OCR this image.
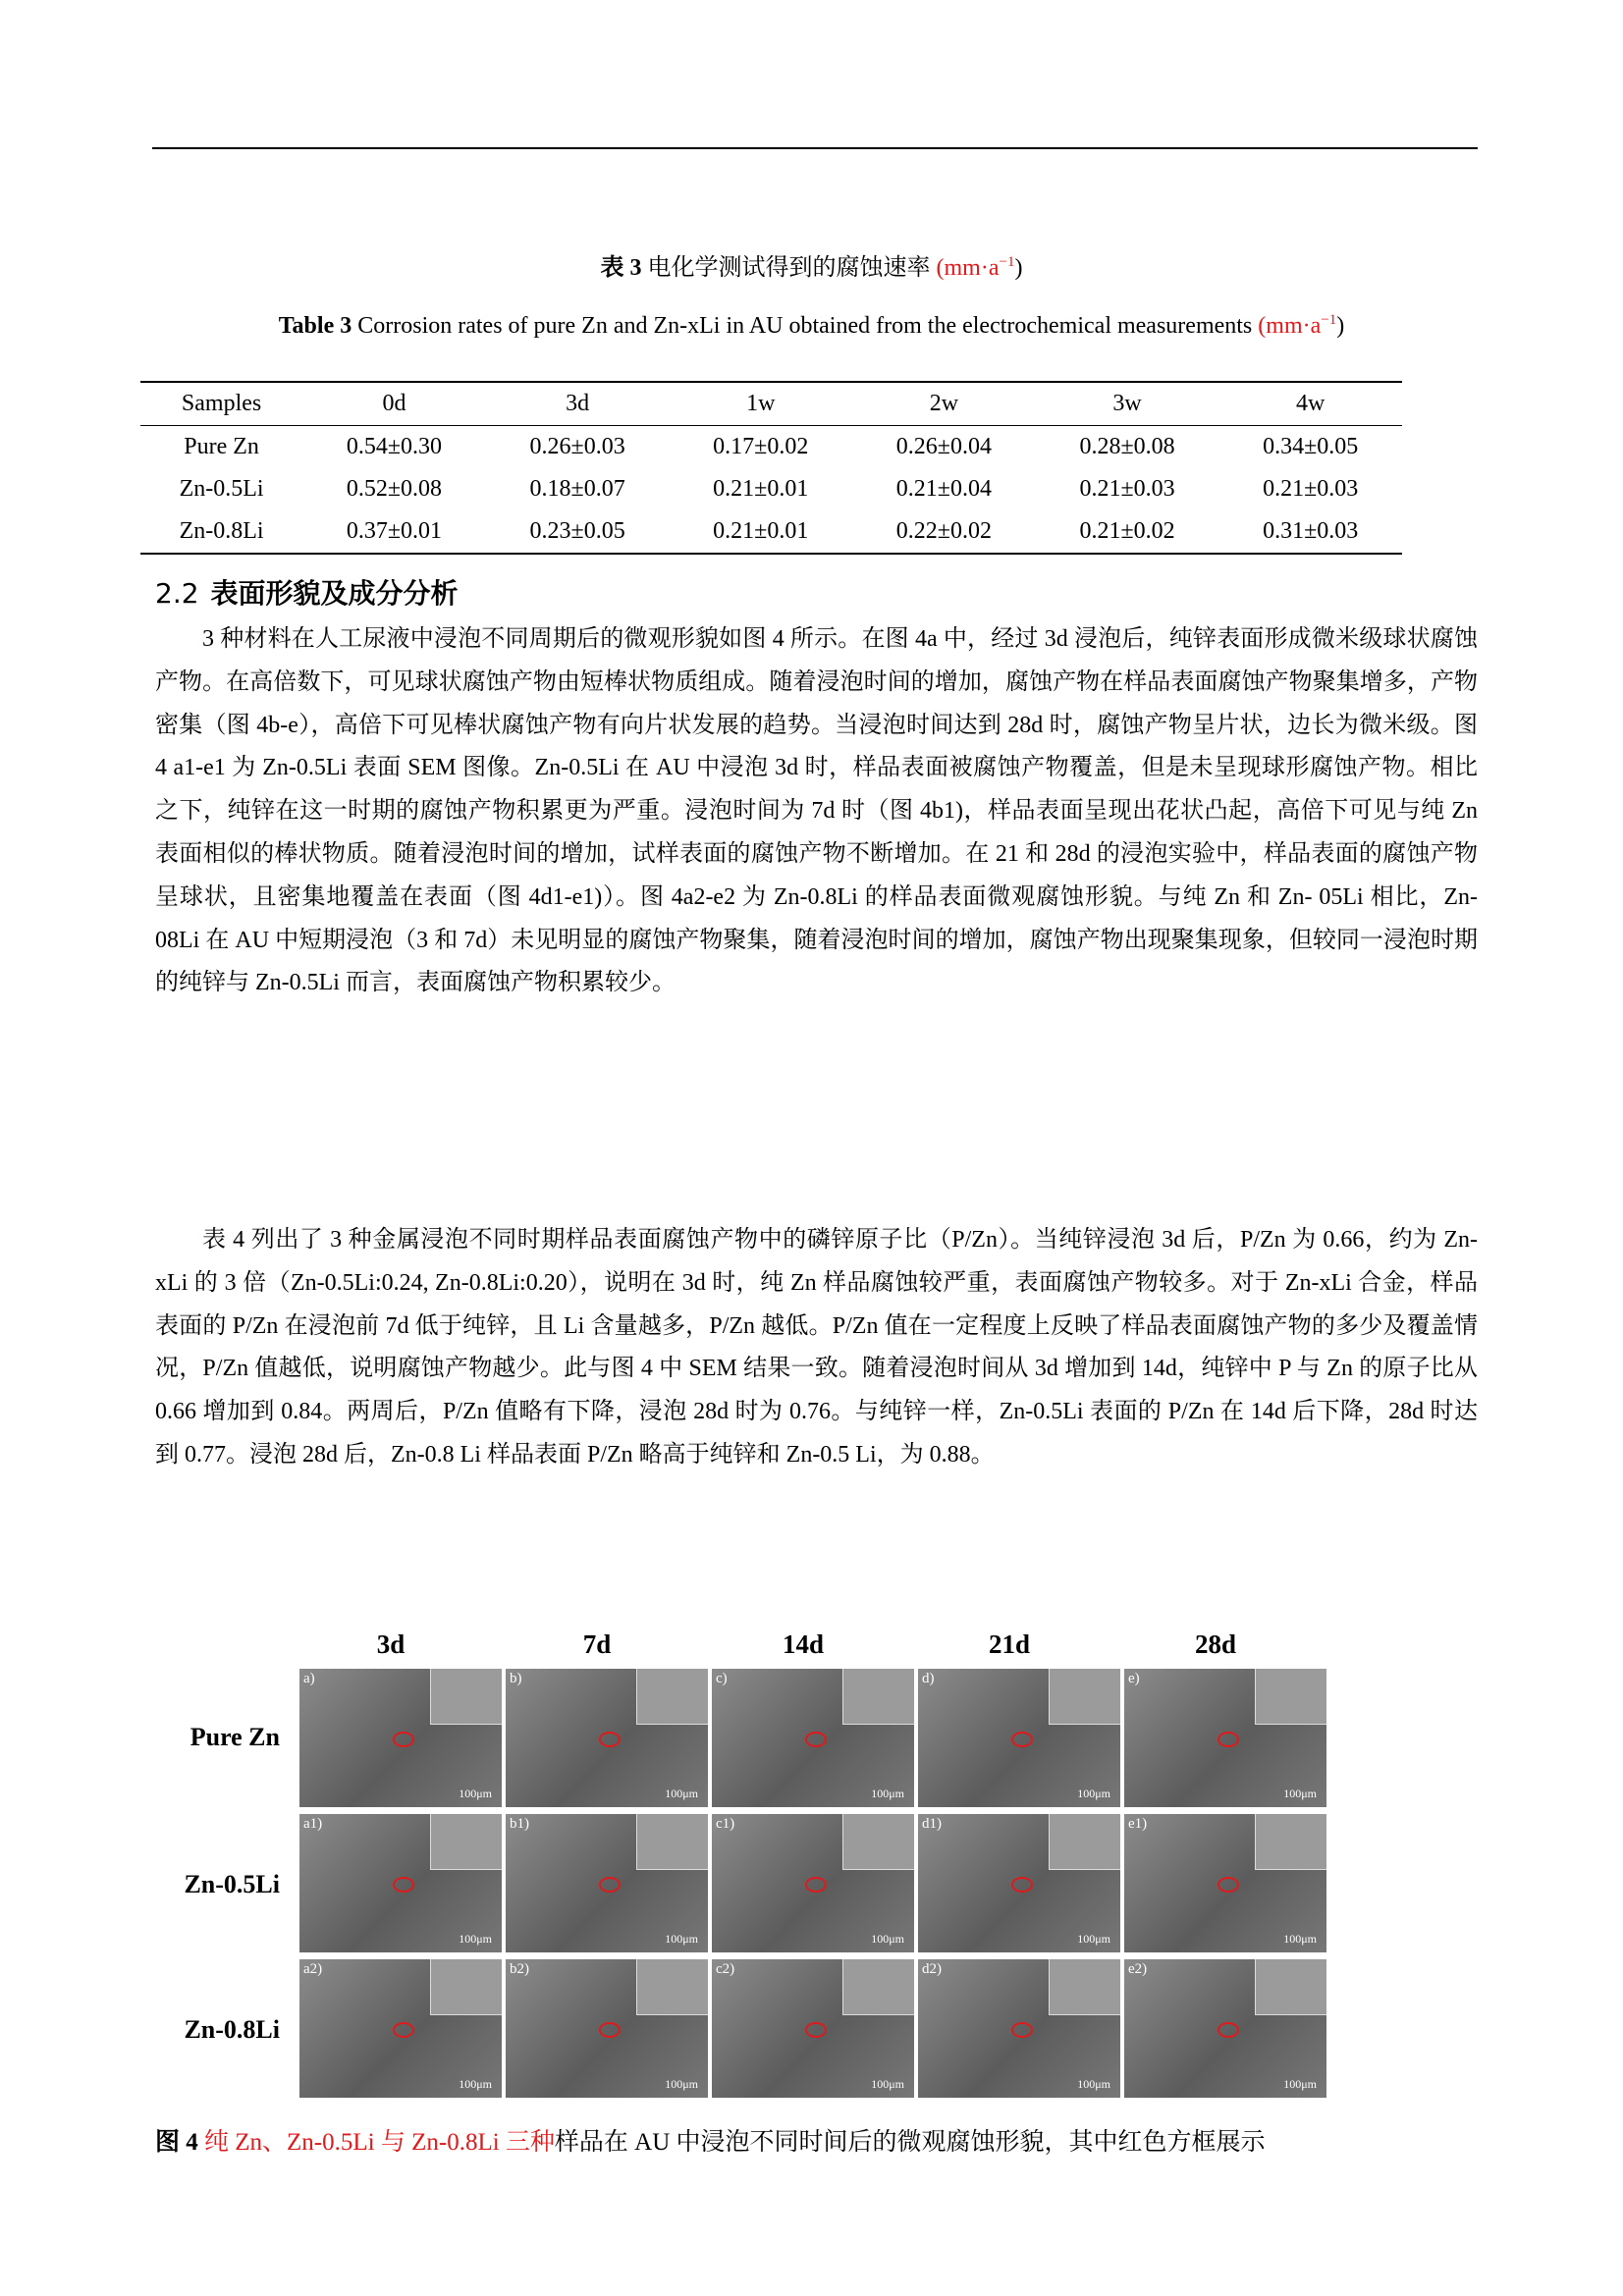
表 3 电化学测试得到的腐蚀速率 $(mm\cdot a^{-1})$
Table 3 Corrosion rates of pure Zn and Zn-xLi in AU obtained from the electrochemical measurements $(mm\cdot a^{-1})$
Samples	0d	3d	1w	2w	3w	4w
Pure Zn	0.54±0.30	0.26±0.03	0.17±0.02	0.26±0.04	0.28±0.08	0.34±0.05
Zn-0.5Li	0.52±0.08	0.18±0.07	0.21±0.01	0.21±0.04	0.21±0.03	0.21±0.03
Zn-0.8Li	0.37±0.01	0.23±0.05	0.21±0.01	0.22±0.02	0.21±0.02	0.31±0.03
2.2 表面形貌及成分分析

3 种材料在人工尿液中浸泡不同周期后的微观形貌如图 4 所示。在图 4a 中，经过 3d 浸泡后，纯锌表面形成微米级球状腐蚀产物。在高倍数下，可见球状腐蚀产物由短棒状物质组成。随着浸泡时间的增加，腐蚀产物在样品表面腐蚀产物聚集增多，产物密集（图 4b-e），高倍下可见棒状腐蚀产物有向片状发展的趋势。当浸泡时间达到 28d 时，腐蚀产物呈片状，边长为微米级。图 4 a1-e1 为 Zn-0.5Li 表面 SEM 图像。Zn-0.5Li 在 AU 中浸泡 3d 时，样品表面被腐蚀产物覆盖，但是未呈现球形腐蚀产物。相比之下，纯锌在这一时期的腐蚀产物积累更为严重。浸泡时间为 7d 时（图 4b1)，样品表面呈现出花状凸起，高倍下可见与纯 Zn 表面相似的棒状物质。随着浸泡时间的增加，试样表面的腐蚀产物不断增加。在 21 和 28d 的浸泡实验中，样品表面的腐蚀产物呈球状，且密集地覆盖在表面（图 4d1-e1)）。图 4a2-e2 为 Zn-0.8Li 的样品表面微观腐蚀形貌。与纯 Zn 和 Zn- 05Li 相比，Zn- 08Li 在 AU 中短期浸泡（3 和 7d）未见明显的腐蚀产物聚集，随着浸泡时间的增加，腐蚀产物出现聚集现象，但较同一浸泡时期的纯锌与 Zn-0.5Li 而言，表面腐蚀产物积累较少。

表 4 列出了 3 种金属浸泡不同时期样品表面腐蚀产物中的磷锌原子比（P/Zn）。当纯锌浸泡 3d 后，P/Zn 为 0.66，约为 Zn- xLi 的 3 倍（Zn-0.5Li:0.24, Zn-0.8Li:0.20），说明在 3d 时，纯 Zn 样品腐蚀较严重，表面腐蚀产物较多。对于 Zn-xLi 合金，样品表面的 P/Zn 在浸泡前 7d 低于纯锌，且 Li 含量越多，P/Zn 越低。P/Zn 值在一定程度上反映了样品表面腐蚀产物的多少及覆盖情况，P/Zn 值越低，说明腐蚀产物越少。此与图 4 中 SEM 结果一致。随着浸泡时间从 3d 增加到 14d，纯锌中 P 与 Zn 的原子比从 0.66 增加到 0.84。两周后，P/Zn 值略有下降，浸泡 28d 时为 0.76。与纯锌一样，Zn-0.5Li 表面的 P/Zn 在 14d 后下降，28d 时达到 0.77。浸泡 28d 后，Zn-0.8 Li 样品表面 P/Zn 略高于纯锌和 Zn-0.5 Li，为 0.88。

3d	7d	14d	21d	28d
Pure Zn
Zn-0.5Li
Zn-0.8Li
a)
100μm
b)
100μm
c)
100μm
d)
100μm
e)
100μm
a1)
100μm
b1)
100μm
c1)
100μm
d1)
100μm
e1)
100μm
a2)
100μm
b2)
100μm
c2)
100μm
d2)
100μm
e2)
100μm
图 4 纯 Zn、Zn-0.5Li 与 Zn-0.8Li 三种样品在 AU 中浸泡不同时间后的微观腐蚀形貌，其中红色方框展示
